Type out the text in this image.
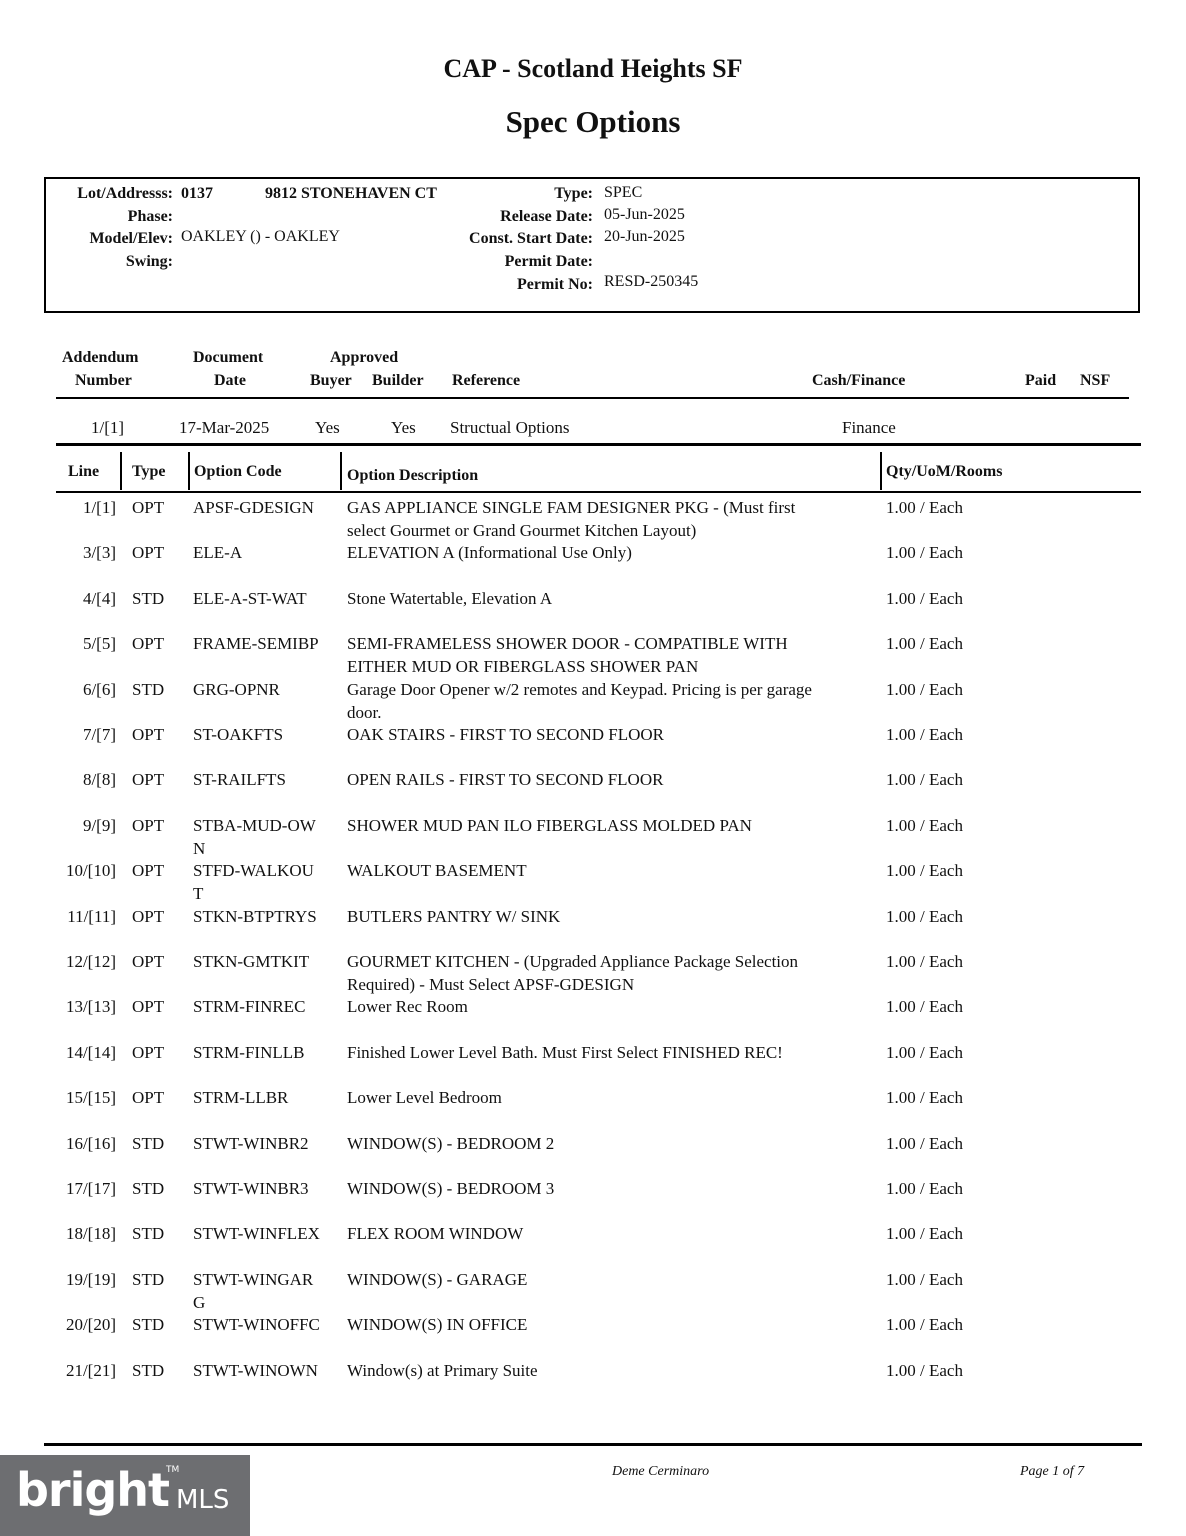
CAP - Scotland Heights SF
Spec Options
Lot/Addresss: 0137	9812 STONEHAVEN CT
Phase:
Model/Elev: OAKLEY () - OAKLEY
Swing:
Type: SPEC
Release Date: 05-Jun-2025
Const. Start Date: 20-Jun-2025
Permit Date:
Permit No: RESD-250345
Addendum
Number
Document
Date
Approved
Buyer Builder Reference	Cash/Finance	Paid NSF
1/[1]	17-Mar-2025	Yes	Yes Structual Options	Finance
Line Type Option Code	Option Description	Qty/UoM/Rooms
1/[1] OPT APSF-GDESIGN	GAS APPLIANCE SINGLE FAM DESIGNER PKG - (Must first select Gourmet or Grand Gourmet Kitchen Layout)
1.00 / Each
3/[3] OPT ELE-A	ELEVATION A (Informational Use Only)	1.00 / Each
4/[4] STD ELE-A-ST-WAT	Stone Watertable, Elevation A	1.00 / Each
5/[5] OPT FRAME-SEMIBP SEMI-FRAMELESS SHOWER DOOR - COMPATIBLE WITH EITHER MUD OR FIBERGLASS SHOWER PAN
1.00 / Each
6/[6] STD GRG-OPNR	Garage Door Opener w/2 remotes and Keypad. Pricing is per garage door.
1.00 / Each
7/[7] OPT ST-OAKFTS	OAK STAIRS - FIRST TO SECOND FLOOR	1.00 / Each
8/[8] OPT ST-RAILFTS	OPEN RAILS - FIRST TO SECOND FLOOR	1.00 / Each
9/[9] OPT STBA-MUD-OWN
SHOWER MUD PAN ILO FIBERGLASS MOLDED PAN	1.00 / Each
10/[10] OPT STFD-WALKOUT
WALKOUT BASEMENT	1.00 / Each
11/[11] OPT STKN-BTPTRYS BUTLERS PANTRY W/ SINK	1.00 / Each
12/[12] OPT STKN-GMTKIT	GOURMET KITCHEN - (Upgraded Appliance Package Selection Required) - Must Select APSF-GDESIGN
1.00 / Each
13/[13] OPT STRM-FINREC	Lower Rec Room	1.00 / Each
14/[14] OPT STRM-FINLLB	Finished Lower Level Bath. Must First Select FINISHED REC!	1.00 / Each
15/[15] OPT STRM-LLBR	Lower Level Bedroom	1.00 / Each
16/[16] STD STWT-WINBR2	WINDOW(S) - BEDROOM 2	1.00 / Each
17/[17] STD STWT-WINBR3	WINDOW(S) - BEDROOM 3	1.00 / Each
18/[18] STD STWT-WINFLEX FLEX ROOM WINDOW	1.00 / Each
19/[19] STD STWT-WINGARG
WINDOW(S) - GARAGE	1.00 / Each
20/[20] STD STWT-WINOFFC WINDOW(S) IN OFFICE	1.00 / Each
21/[21] STD STWT-WINOWN Window(s) at Primary Suite	1.00 / Each
Deme Cerminaro	Page 1 of 7
bright
TM
MLS
